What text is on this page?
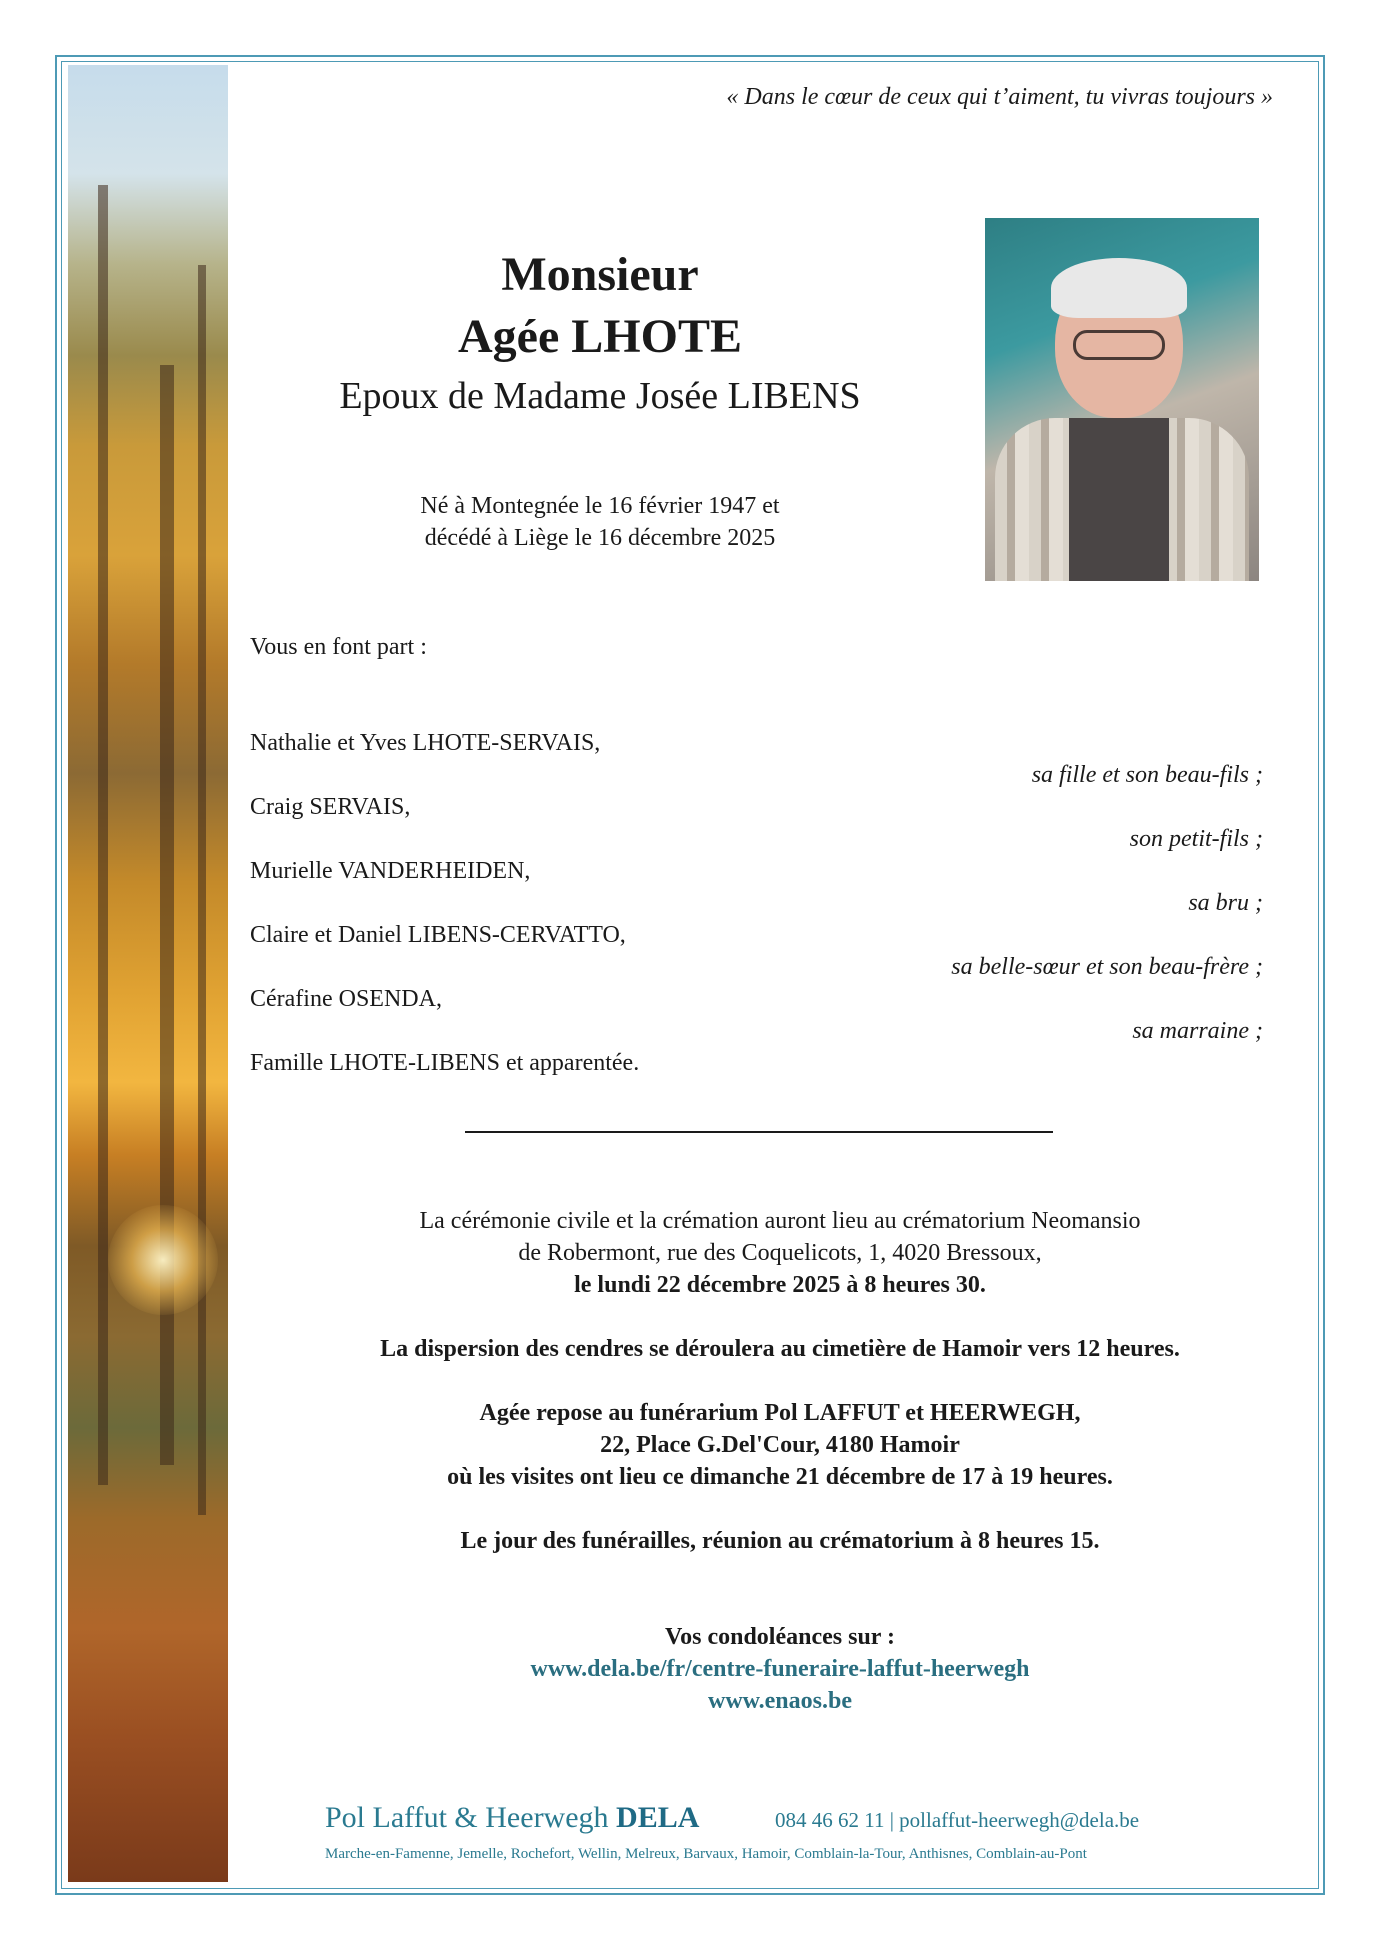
« Dans le cœur de ceux qui t’aiment, tu vivras toujours »
Monsieur
Agée LHOTE
Epoux de Madame Josée LIBENS
Né à Montegnée le 16 février 1947 et
décédé à Liège le 16 décembre 2025
Vous en font part :
Nathalie et Yves LHOTE-SERVAIS,
sa fille et son beau-fils ;
Craig SERVAIS,
son petit-fils ;
Murielle VANDERHEIDEN,
sa bru ;
Claire et Daniel LIBENS-CERVATTO,
sa belle-sœur et son beau-frère ;
Cérafine OSENDA,
sa marraine ;
Famille LHOTE-LIBENS et apparentée.
La cérémonie civile et la crémation auront lieu au crématorium Neomansio
de Robermont, rue des Coquelicots, 1, 4020 Bressoux,
le lundi 22 décembre 2025 à 8 heures 30.
La dispersion des cendres se déroulera au cimetière de Hamoir vers 12 heures.
Agée repose au funérarium Pol LAFFUT et HEERWEGH,
22, Place G.Del'Cour, 4180 Hamoir
où les visites ont lieu ce dimanche 21 décembre de 17 à 19 heures.
Le jour des funérailles, réunion au crématorium à 8 heures 15.
Vos condoléances sur :
www.dela.be/fr/centre-funeraire-laffut-heerwegh
www.enaos.be
Pol Laffut & Heerwegh DELA	084 46 62 11 | pollaffut-heerwegh@dela.be
Marche-en-Famenne, Jemelle, Rochefort, Wellin, Melreux, Barvaux, Hamoir, Comblain-la-Tour, Anthisnes, Comblain-au-Pont
